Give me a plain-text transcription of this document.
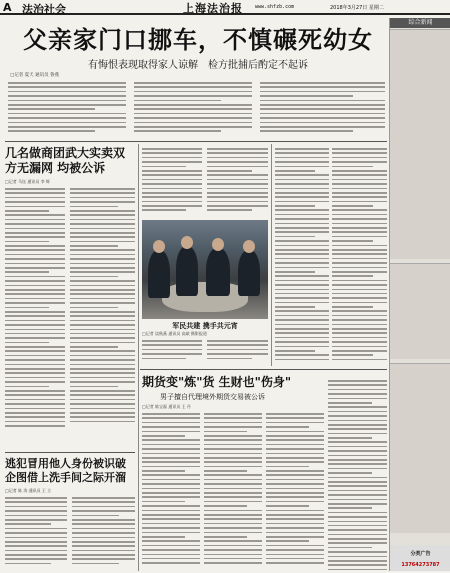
A 法治社会	上海法治报 www.shfzb.com	2018年3月27日 星期二
父亲家门口挪车，不慎碾死幼女
有悔恨表现取得家人谅解　检方批捕后酌定不起诉
□记者 夏天 通讯员 鲁燕
几名做商团武大实卖双方无漏网 均被公诉
□记者 马钰 通讯员 李 辉
逃犯冒用他人身份被识破 企图借上洗手间之际开溜
□记者 陈 涛 通讯员 王 立
军民共建 携手共元宵
□记者 谈秋燕 通讯员 高斌 摄影报道
期货变"炼"货 生财也"伤身"
男子擅自代理境外期货交易被公诉
□记者 陈宝磊 通讯员 王 丹
综合新闻
分类广告
13764273787
